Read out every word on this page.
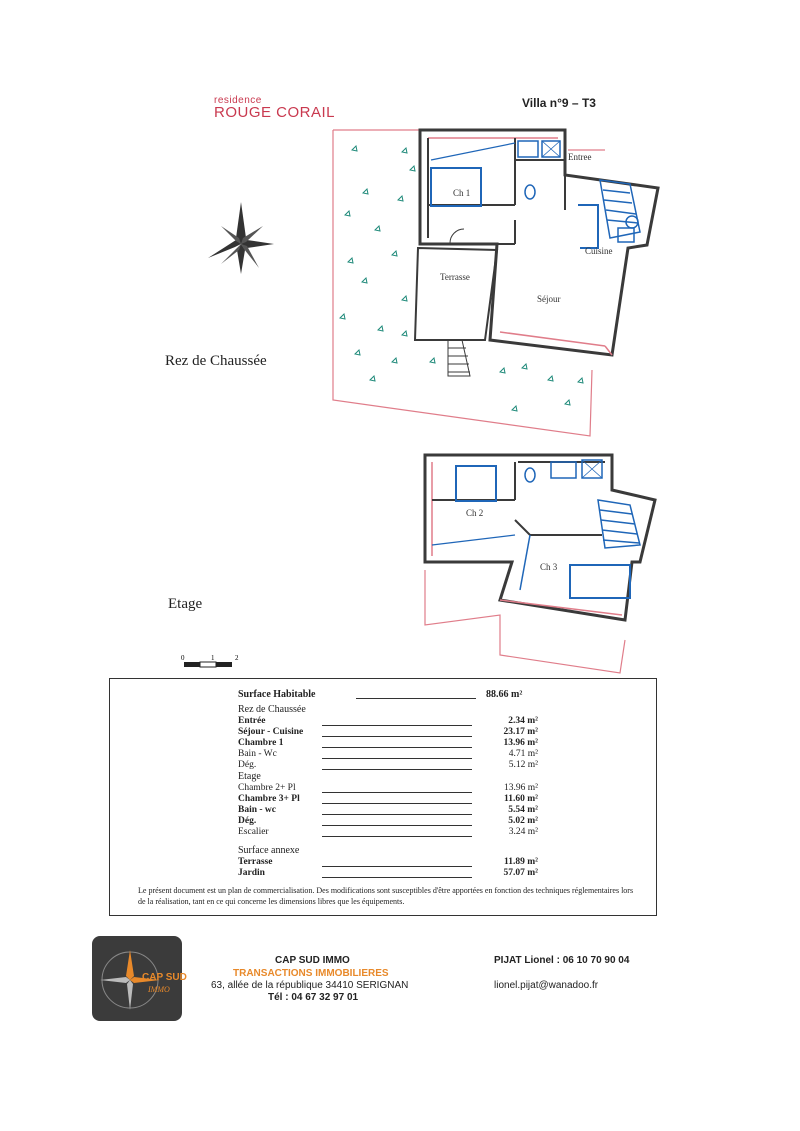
residence
ROUGE CORAIL
Villa n°9 – T3
Rez de Chaussée
Etage
Ch 1
Entree
Cuisine
Terrasse
Séjour
Ch 2
Ch 3
0	1	2
Surface Habitable	88.66 m²
Rez de Chaussée
Entrée	2.34 m²
Séjour - Cuisine	23.17 m²
Chambre 1	13.96 m²
Bain - Wc	4.71 m²
Dég.	5.12 m²
Etage
Chambre 2+ Pl	13.96 m²
Chambre 3+ Pl	11.60 m²
Bain - wc	5.54 m²
Dég.	5.02 m²
Escalier	3.24 m²
Surface annexe
Terrasse	11.89 m²
Jardin	57.07 m²
Le présent document est un plan de commercialisation. Des modifications sont susceptibles d'être apportées en fonction des techniques réglementaires lors de la réalisation, tant en ce qui concerne les dimensions libres que les équipements.
CAP SUD
IMMO
CAP SUD IMMO
TRANSACTIONS IMMOBILIERES
63, allée de la république 34410 SERIGNAN
Tél : 04 67 32 97 01
PIJAT Lionel : 06 10 70 90 04
lionel.pijat@wanadoo.fr
